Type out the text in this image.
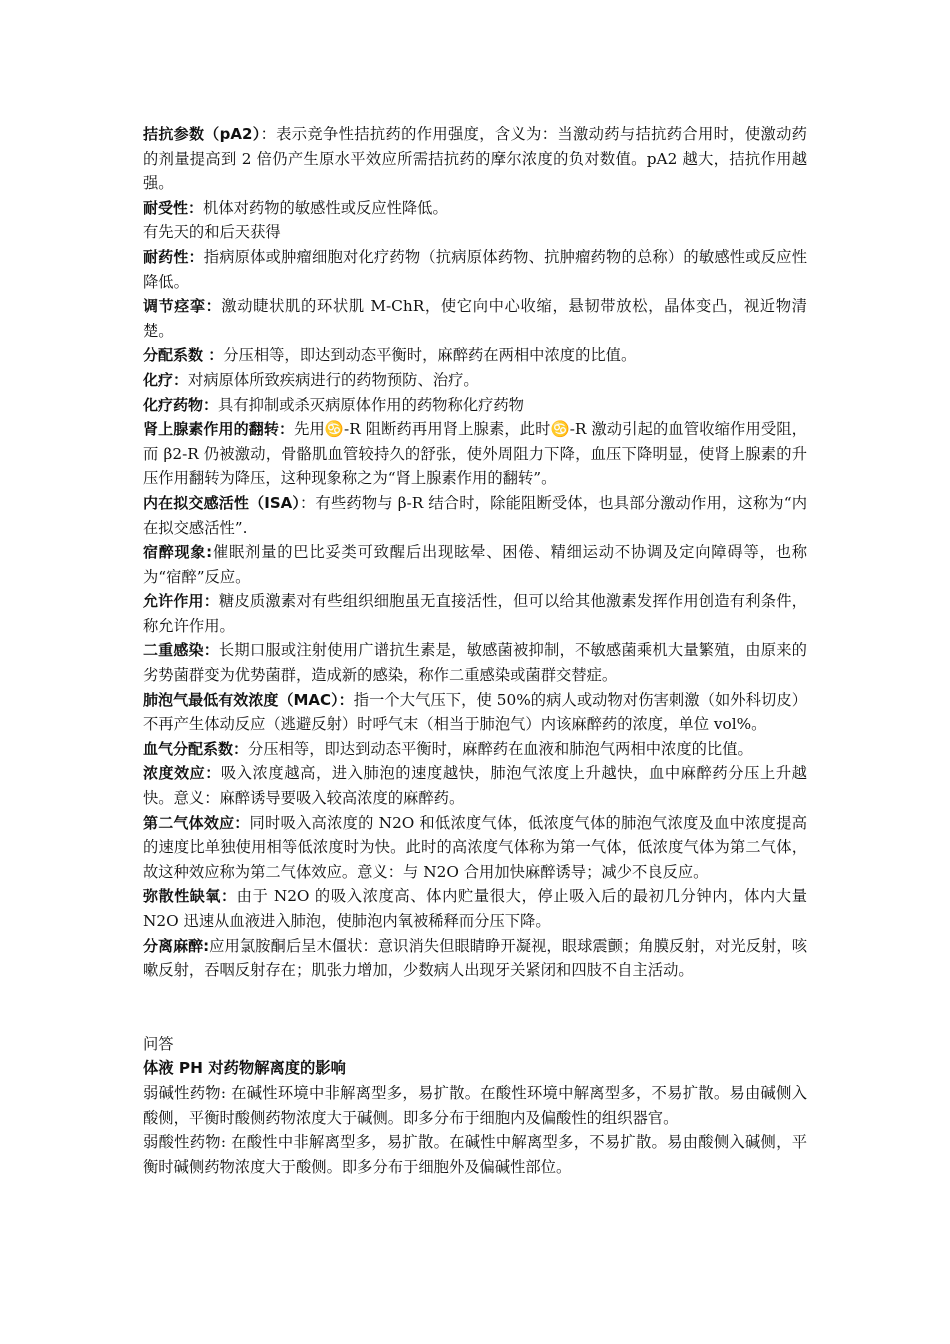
拮抗参数（pA2）：表示竞争性拮抗药的作用强度，含义为：当激动药与拮抗药合用时，使激动药的剂量提高到 2 倍仍产生原水平效应所需拮抗药的摩尔浓度的负对数值。pA2 越大，拮抗作用越强。

耐受性：机体对药物的敏感性或反应性降低。

有先天的和后天获得

耐药性：指病原体或肿瘤细胞对化疗药物（抗病原体药物、抗肿瘤药物的总称）的敏感性或反应性降低。

调节痉挛：激动睫状肌的环状肌 M-ChR，使它向中心收缩，悬韧带放松，晶体变凸，视近物清楚。

分配系数 ：分压相等，即达到动态平衡时，麻醉药在两相中浓度的比值。

化疗：对病原体所致疾病进行的药物预防、治疗。

化疗药物：具有抑制或杀灭病原体作用的药物称化疗药物

肾上腺素作用的翻转：先用♋-R 阻断药再用肾上腺素，此时♋-R 激动引起的血管收缩作用受阻，而 β2-R 仍被激动，骨骼肌血管较持久的舒张，使外周阻力下降，血压下降明显，使肾上腺素的升压作用翻转为降压，这种现象称之为“肾上腺素作用的翻转”。

内在拟交感活性（ISA）：有些药物与 β-R 结合时，除能阻断受体，也具部分激动作用，这称为“内在拟交感活性”.

宿醉现象:催眠剂量的巴比妥类可致醒后出现眩晕、困倦、精细运动不协调及定向障碍等，也称为“宿醉”反应。

允许作用：糖皮质激素对有些组织细胞虽无直接活性，但可以给其他激素发挥作用创造有利条件，称允许作用。

二重感染：长期口服或注射使用广谱抗生素是，敏感菌被抑制，不敏感菌乘机大量繁殖，由原来的劣势菌群变为优势菌群，造成新的感染，称作二重感染或菌群交替症。

肺泡气最低有效浓度（MAC）：指一个大气压下，使 50%的病人或动物对伤害刺激（如外科切皮）不再产生体动反应（逃避反射）时呼气末（相当于肺泡气）内该麻醉药的浓度，单位 vol%。

血气分配系数：分压相等，即达到动态平衡时，麻醉药在血液和肺泡气两相中浓度的比值。

浓度效应：吸入浓度越高，进入肺泡的速度越快，肺泡气浓度上升越快，血中麻醉药分压上升越快。意义：麻醉诱导要吸入较高浓度的麻醉药。

第二气体效应：同时吸入高浓度的 N2O 和低浓度气体，低浓度气体的肺泡气浓度及血中浓度提高的速度比单独使用相等低浓度时为快。此时的高浓度气体称为第一气体，低浓度气体为第二气体，故这种效应称为第二气体效应。意义：与 N2O 合用加快麻醉诱导；减少不良反应。

弥散性缺氧：由于 N2O 的吸入浓度高、体内贮量很大，停止吸入后的最初几分钟内，体内大量 N2O 迅速从血液进入肺泡，使肺泡内氧被稀释而分压下降。

分离麻醉:应用氯胺酮后呈木僵状：意识消失但眼睛睁开凝视，眼球震颤；角膜反射，对光反射，咳嗽反射，吞咽反射存在；肌张力增加，少数病人出现牙关紧闭和四肢不自主活动。

问答

体液 PH 对药物解离度的影响

弱碱性药物: 在碱性环境中非解离型多，易扩散。在酸性环境中解离型多，不易扩散。易由碱侧入酸侧，平衡时酸侧药物浓度大于碱侧。即多分布于细胞内及偏酸性的组织器官。

弱酸性药物: 在酸性中非解离型多，易扩散。在碱性中解离型多，不易扩散。易由酸侧入碱侧，平衡时碱侧药物浓度大于酸侧。即多分布于细胞外及偏碱性部位。
